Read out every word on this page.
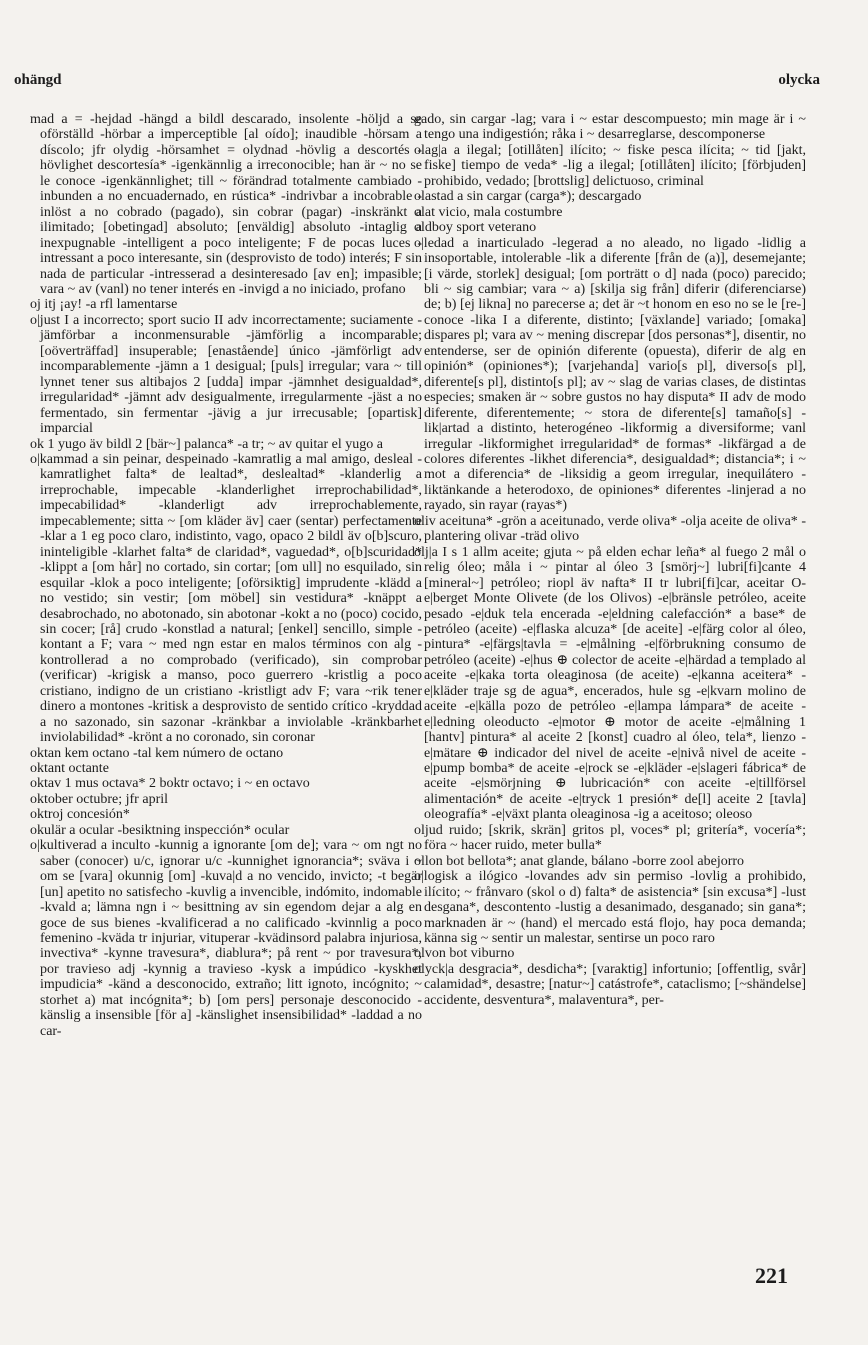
ohängd	olycka

mad a = -hejdad -hängd a bildl descarado, insolente -höljd a se oförställd -hörbar a imperceptible [al oído]; inaudible -hörsam a díscolo; jfr olydig -hörsamhet = olydnad -hövlig a descortés -hövlighet descortesía* -igenkännlig a irreconocible; han är ~ no se le conoce -igenkännlighet; till ~ förändrad totalmente cambiado -inbunden a no encuadernado, en rústica* -indrivbar a incobrable -inlöst a no cobrado (pagado), sin cobrar (pagar) -inskränkt a ilimitado; [obetingad] absoluto; [enväldig] absoluto -intaglig a inexpugnable -intelligent a poco inteligente; F de pocas luces -intressant a poco interesante, sin (desprovisto de todo) interés; F sin nada de particular -intresserad a desinteresado [av en]; impasible; vara ~ av (vanl) no tener interés en -invigd a no iniciado, profano

oj itj ¡ay! -a rfl lamentarse

o|just I a incorrecto; sport sucio II adv incorrectamente; suciamente -jämförbar a inconmensurable -jämförlig a incomparable; [oöverträffad] insuperable; [enastående] único -jämförligt adv incomparablemente -jämn a 1 desigual; [puls] irregular; vara ~ till lynnet tener sus altibajos 2 [udda] impar -jämnhet desigualdad*, irregularidad* -jämnt adv desigualmente, irregularmente -jäst a no fermentado, sin fermentar -jävig a jur irrecusable; [opartisk] imparcial

ok 1 yugo äv bildl 2 [bär~] palanca* -a tr; ~ av quitar el yugo a

o|kammad a sin peinar, despeinado -kamratlig a mal amigo, desleal -kamratlighet falta* de lealtad*, deslealtad* -klanderlig a irreprochable, impecable -klanderlighet irreprochabilidad*, impecabilidad* -klanderligt adv irreprochablemente, impecablemente; sitta ~ [om kläder äv] caer (sentar) perfectamente -klar a 1 eg poco claro, indistinto, vago, opaco 2 bildl äv o[b]scuro, ininteligible -klarhet falta* de claridad*, vaguedad*, o[b]scuridad* -klippt a [om hår] no cortado, sin cortar; [om ull] no esquilado, sin esquilar -klok a poco inteligente; [oförsiktig] imprudente -klädd a no vestido; sin vestir; [om möbel] sin vestidura* -knäppt a desabrochado, no abotonado, sin abotonar -kokt a no (poco) cocido, sin cocer; [rå] crudo -konstlad a natural; [enkel] sencillo, simple -kontant a F; vara ~ med ngn estar en malos términos con alg -kontrollerad a no comprobado (verificado), sin comprobar (verificar) -krigisk a manso, poco guerrero -kristlig a poco cristiano, indigno de un cristiano -kristligt adv F; vara ~rik tener dinero a montones -kritisk a desprovisto de sentido crítico -kryddad a no sazonado, sin sazonar -kränkbar a inviolable -kränkbarhet inviolabilidad* -krönt a no coronado, sin coronar

oktan kem octano -tal kem número de octano

oktant octante

oktav 1 mus octava* 2 boktr octavo; i ~ en octavo

oktober octubre; jfr april

oktroj concesión*

okulär a ocular -besiktning inspección* ocular

o|kultiverad a inculto -kunnig a ignorante [om de]; vara ~ om ngt no saber (conocer) u/c, ignorar u/c -kunnighet ignorancia*; sväva i ~ om se [vara] okunnig [om] -kuva|d a no vencido, invicto; -t begär [un] apetito no satisfecho -kuvlig a invencible, indómito, indomable -kvald a; lämna ngn i ~ besittning av sin egendom dejar a alg en goce de sus bienes -kvalificerad a no calificado -kvinnlig a poco femenino -kväda tr injuriar, vituperar -kvädinsord palabra injuriosa, invectiva* -kynne travesura*, diablura*; på rent ~ por travesura*, por travieso adj -kynnig a travieso -kysk a impúdico -kyskhet impudicia* -känd a desconocido, extraño; litt ignoto, incógnito; ~ storhet a) mat incógnita*; b) [om pers] personaje desconocido -känslig a insensible [för a] -känslighet insensibilidad* -laddad a no car-

gado, sin cargar -lag; vara i ~ estar descompuesto; min mage är i ~ tengo una indigestión; råka i ~ desarreglarse, descomponerse

olag|a a ilegal; [otillåten] ilícito; ~ fiske pesca ilícita; ~ tid [jakt, fiske] tiempo de veda* -lig a ilegal; [otillåten] ilícito; [förbjuden] prohibido, vedado; [brottslig] delictuoso, criminal

olastad a sin cargar (carga*); descargado

olat vicio, mala costumbre

oldboy sport veterano

o|ledad a inarticulado -legerad a no aleado, no ligado -lidlig a insoportable, intolerable -lik a diferente [från de (a)], desemejante; [i värde, storlek] desigual; [om porträtt o d] nada (poco) parecido; bli ~ sig cambiar; vara ~ a) [skilja sig från] diferir (diferenciarse) de; b) [ej likna] no parecerse a; det är ~t honom en eso no se le [re-] conoce -lika I a diferente, distinto; [växlande] variado; [omaka] dispares pl; vara av ~ mening discrepar [dos personas*], disentir, no entenderse, ser de opinión diferente (opuesta), diferir de alg en opinión* (opiniones*); [varjehanda] vario[s pl], diverso[s pl], diferente[s pl], distinto[s pl]; av ~ slag de varias clases, de distintas especies; smaken är ~ sobre gustos no hay disputa* II adv de modo diferente, diferentemente; ~ stora de diferente[s] tamaño[s] -lik|artad a distinto, heterogéneo -likformig a diversiforme; vanl irregular -likformighet irregularidad* de formas* -likfärgad a de colores diferentes -likhet diferencia*, desigualdad*; distancia*; i ~ mot a diferencia* de -liksidig a geom irregular, inequilátero -liktänkande a heterodoxo, de opiniones* diferentes -linjerad a no rayado, sin rayar (rayas*)

oliv aceituna* -grön a aceitunado, verde oliva* -olja aceite de oliva* -plantering olivar -träd olivo

olj|a I s 1 allm aceite; gjuta ~ på elden echar leña* al fuego 2 mål o relig óleo; måla i ~ pintar al óleo 3 [smörj~] lubri[fi]cante 4 [mineral~] petróleo; riopl äv nafta* II tr lubri[fi]car, aceitar O-e|berget Monte Olivete (de los Olivos) -e|bränsle petróleo, aceite pesado -e|duk tela encerada -e|eldning calefacción* a base* de petróleo (aceite) -e|flaska alcuza* [de aceite] -e|färg color al óleo, pintura* -e|färgs|tavla = -e|målning -e|förbrukning consumo de petróleo (aceite) -e|hus ⊕ colector de aceite -e|härdad a templado al aceite -e|kaka torta oleaginosa (de aceite) -e|kanna aceitera* -e|kläder traje sg de agua*, encerados, hule sg -e|kvarn molino de aceite -e|källa pozo de petróleo -e|lampa lámpara* de aceite -e|ledning oleoducto -e|motor ⊕ motor de aceite -e|målning 1 [hantv] pintura* al aceite 2 [konst] cuadro al óleo, tela*, lienzo -e|mätare ⊕ indicador del nivel de aceite -e|nivå nivel de aceite -e|pump bomba* de aceite -e|rock se -e|kläder -e|slageri fábrica* de aceite -e|smörjning ⊕ lubricación* con aceite -e|tillförsel alimentación* de aceite -e|tryck 1 presión* de[l] aceite 2 [tavla] oleografía* -e|växt planta oleaginosa -ig a aceitoso; oleoso

oljud ruido; [skrik, skrän] gritos pl, voces* pl; gritería*, vocería*; föra ~ hacer ruido, meter bulla*

ollon bot bellota*; anat glande, bálano -borre zool abejorro

o|logisk a ilógico -lovandes adv sin permiso -lovlig a prohibido, ilícito; ~ frånvaro (skol o d) falta* de asistencia* [sin excusa*] -lust desgana*, descontento -lustig a desanimado, desganado; sin gana*; marknaden är ~ (hand) el mercado está flojo, hay poca demanda; känna sig ~ sentir un malestar, sentirse un poco raro

olvon bot viburno

olyck|a desgracia*, desdicha*; [varaktig] infortunio; [offentlig, svår] calamidad*, desastre; [natur~] catástrofe*, cataclismo; [~shändelse] accidente, desventura*, malaventura*, per-

221
